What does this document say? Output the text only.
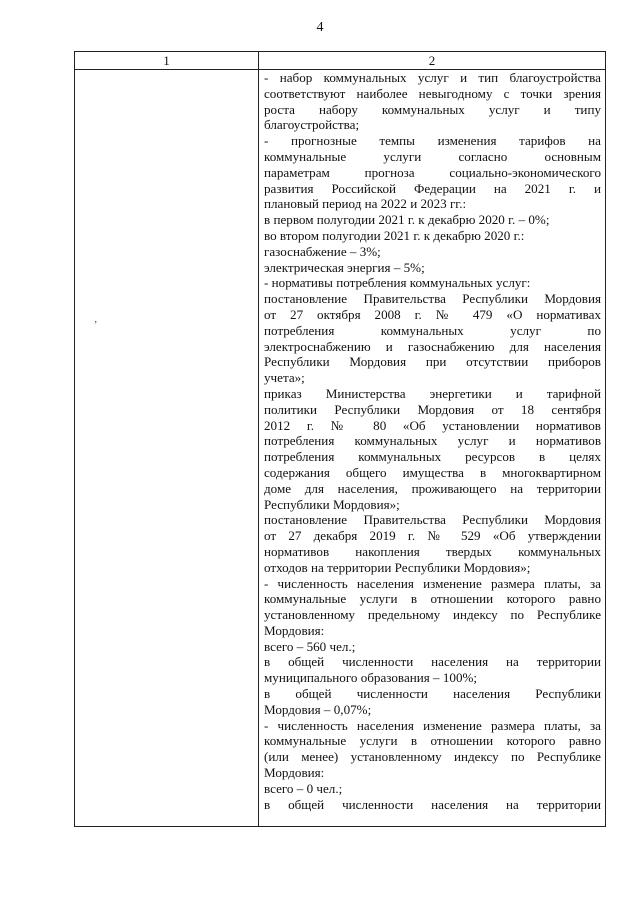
4
1	2
- набор коммунальных услуг и тип благоустройства
соответствуют наиболее невыгодному с точки зрения
роста набору коммунальных услуг и типу
благоустройства;
- прогнозные темпы изменения тарифов на
коммунальные услуги согласно основным
параметрам прогноза социально-экономического
развития Российской Федерации на 2021 г. и
плановый период на 2022 и 2023 гг.:
в первом полугодии 2021 г. к декабрю 2020 г. – 0%;
во втором полугодии 2021 г. к декабрю 2020 г.:
газоснабжение – 3%;
электрическая энергия – 5%;
- нормативы потребления коммунальных услуг:
постановление Правительства Республики Мордовия
от 27 октября 2008 г. № 479 «О нормативах
потребления коммунальных услуг по
электроснабжению и газоснабжению для населения
Республики Мордовия при отсутствии приборов
учета»;
приказ Министерства энергетики и тарифной
политики Республики Мордовия от 18 сентября
2012 г. № 80 «Об установлении нормативов
потребления коммунальных услуг и нормативов
потребления коммунальных ресурсов в целях
содержания общего имущества в многоквартирном
доме для населения, проживающего на территории
Республики Мордовия»;
постановление Правительства Республики Мордовия
от 27 декабря 2019 г. № 529 «Об утверждении
нормативов накопления твердых коммунальных
отходов на территории Республики Мордовия»;
- численность населения изменение размера платы, за
коммунальные услуги в отношении которого равно
установленному предельному индексу по Республике
Мордовия:
всего – 560 чел.;
в общей численности населения на территории
муниципального образования – 100%;
в общей численности населения Республики
Мордовия – 0,07%;
- численность населения изменение размера платы, за
коммунальные услуги в отношении которого равно
(или менее) установленному индексу по Республике
Мордовия:
всего – 0 чел.;
в общей численности населения на территории
ʼ
